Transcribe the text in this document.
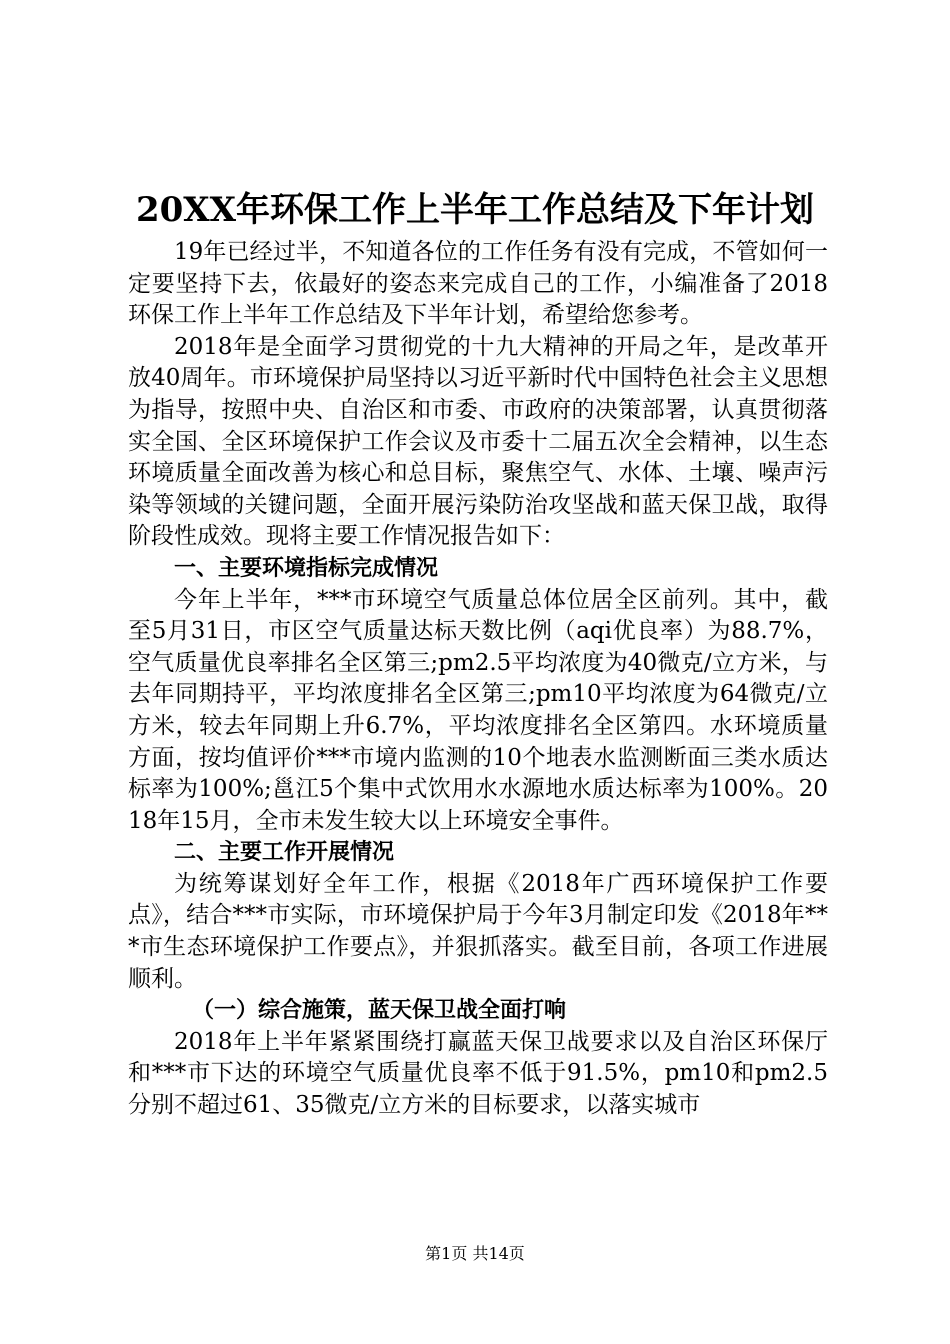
20XX年环保工作上半年工作总结及下年计划

19年已经过半，不知道各位的工作任务有没有完成，不管如何一定要坚持下去，依最好的姿态来完成自己的工作，小编准备了2018环保工作上半年工作总结及下半年计划，希望给您参考。

2018年是全面学习贯彻党的十九大精神的开局之年，是改革开放40周年。市环境保护局坚持以习近平新时代中国特色社会主义思想为指导，按照中央、自治区和市委、市政府的决策部署，认真贯彻落实全国、全区环境保护工作会议及市委十二届五次全会精神，以生态环境质量全面改善为核心和总目标，聚焦空气、水体、土壤、噪声污染等领域的关键问题，全面开展污染防治攻坚战和蓝天保卫战，取得阶段性成效。现将主要工作情况报告如下：

一、主要环境指标完成情况

今年上半年，***市环境空气质量总体位居全区前列。其中，截至5月31日，市区空气质量达标天数比例（aqi优良率）为88.7%，空气质量优良率排名全区第三;pm2.5平均浓度为40微克/立方米，与去年同期持平，平均浓度排名全区第三;pm10平均浓度为64微克/立方米，较去年同期上升6.7%，平均浓度排名全区第四。水环境质量方面，按均值评价***市境内监测的10个地表水监测断面三类水质达标率为100%;邕江5个集中式饮用水水源地水质达标率为100%。2018年15月，全市未发生较大以上环境安全事件。

二、主要工作开展情况

为统筹谋划好全年工作，根据《2018年广西环境保护工作要点》，结合***市实际，市环境保护局于今年3月制定印发《2018年***市生态环境保护工作要点》，并狠抓落实。截至目前，各项工作进展顺利。

（一）综合施策，蓝天保卫战全面打响

2018年上半年紧紧围绕打赢蓝天保卫战要求以及自治区环保厅和***市下达的环境空气质量优良率不低于91.5%，pm10和pm2.5分别不超过61、35微克/立方米的目标要求，以落实城市

第1页 共14页
